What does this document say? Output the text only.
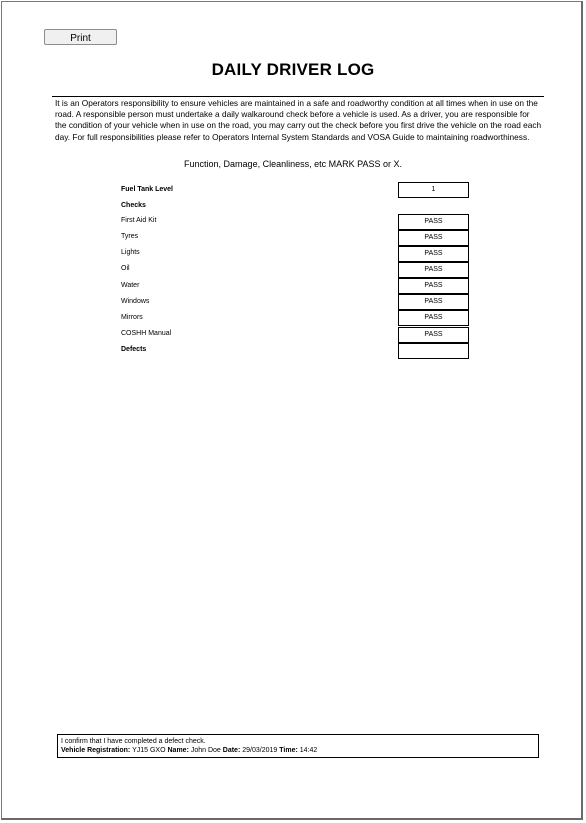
Print
DAILY DRIVER LOG
It is an Operators responsibility to ensure vehicles are maintained in a safe and roadworthy condition at all times when in use on the road. A responsible person must undertake a daily walkaround check before a vehicle is used. As a driver, you are responsible for the condition of your vehicle when in use on the road, you may carry out the check before you first drive the vehicle on the road each day. For full responsibilities please refer to Operators Internal System Standards and VOSA Guide to maintaining roadworthiness.
Function, Damage, Cleanliness, etc MARK PASS or X.
Fuel Tank Level	1
Checks
First Aid Kit	PASS
Tyres	PASS
Lights	PASS
Oil	PASS
Water	PASS
Windows	PASS
Mirrors	PASS
COSHH Manual	PASS
Defects
I confirm that I have completed a defect check.
Vehicle Registration: YJ15 GXO Name: John Doe Date: 29/03/2019 Time: 14:42
